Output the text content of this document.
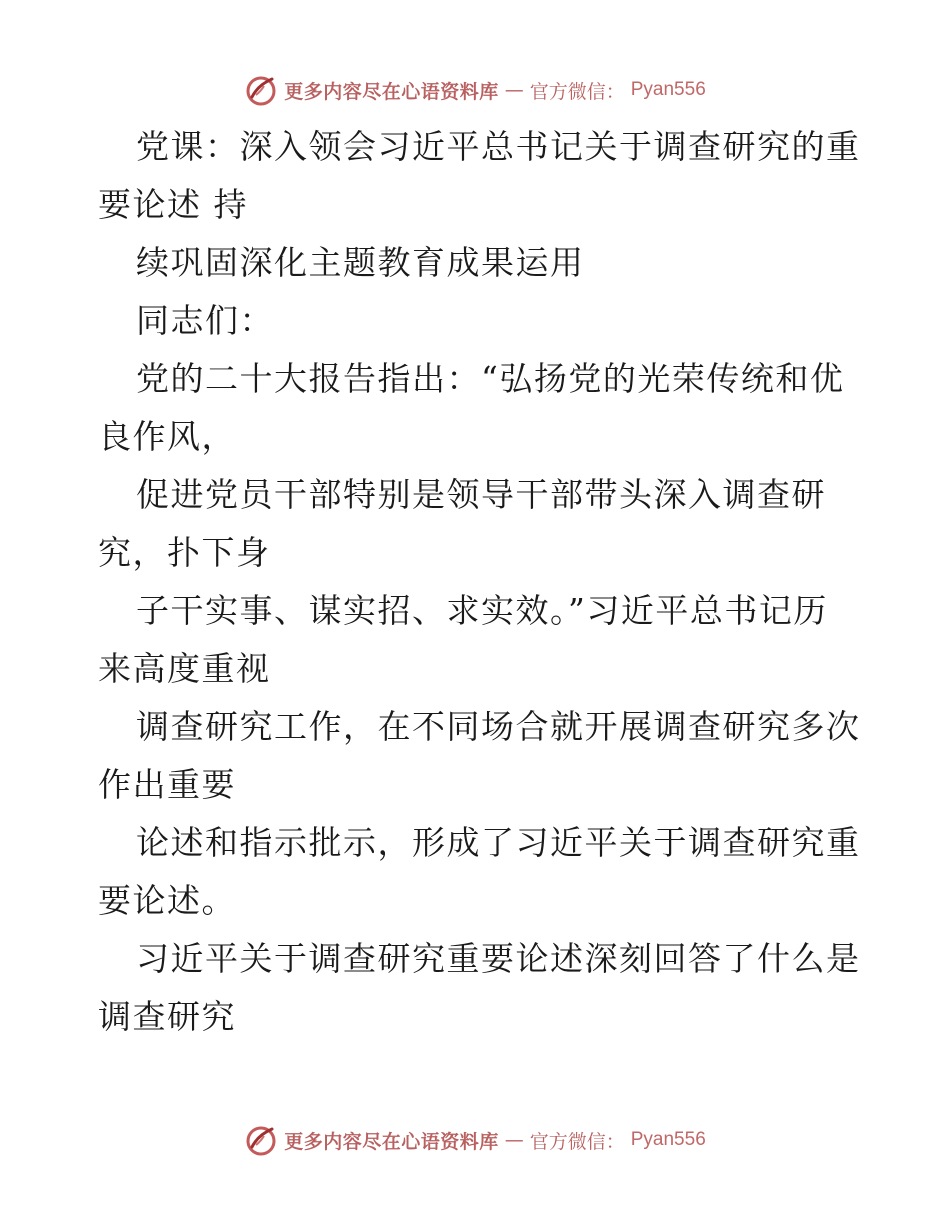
更多内容尽在心语资料库 — 官方微信： Pyan556
党课：深入领会习近平总书记关于调查研究的重
要论述 持
续巩固深化主题教育成果运用
同志们：
党的二十大报告指出：“弘扬党的光荣传统和优
良作风，
促进党员干部特别是领导干部带头深入调查研
究，扑下身
子干实事、谋实招、求实效。”习近平总书记历
来高度重视
调查研究工作，在不同场合就开展调查研究多次
作出重要
论述和指示批示，形成了习近平关于调查研究重
要论述。
习近平关于调查研究重要论述深刻回答了什么是
调查研究
更多内容尽在心语资料库 — 官方微信： Pyan556
